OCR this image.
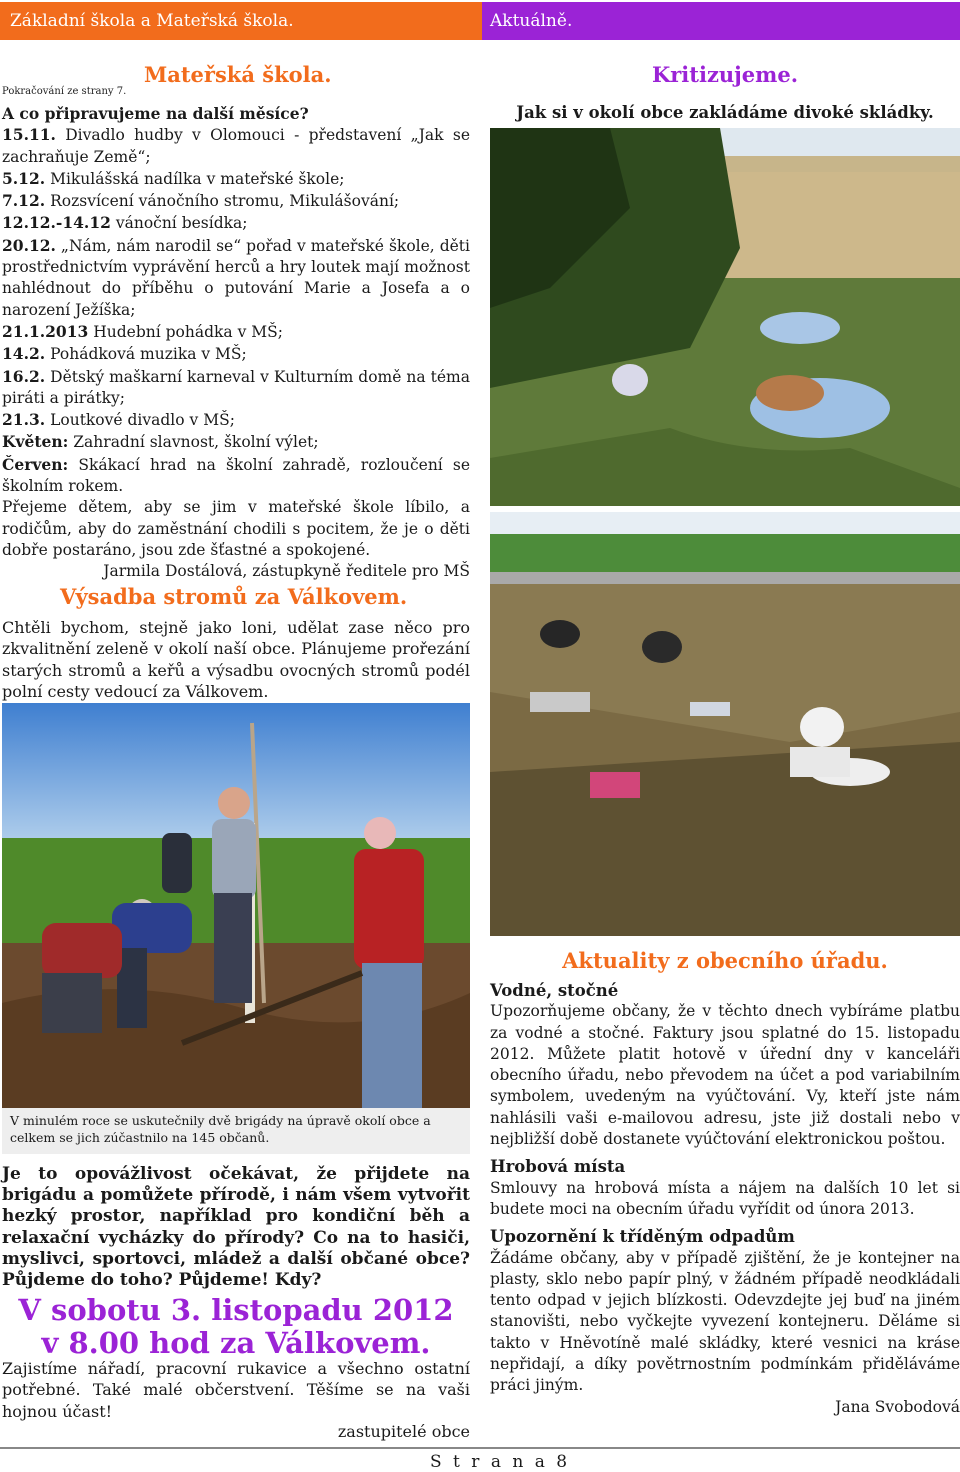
Základní škola a Mateřská škola.	Aktuálně.
Pokračování ze strany 7.
Mateřská škola.
A co připravujeme na další měsíce?
15.11. Divadlo hudby v Olomouci - představení „Jak se zachraňuje Země“;
5.12. Mikulášská nadílka v mateřské škole;
7.12. Rozsvícení vánočního stromu, Mikulášování;
12.12.-14.12 vánoční besídka;
20.12. „Nám, nám narodil se“ pořad v mateřské škole, děti prostřednictvím vyprávění herců a hry loutek mají možnost nahlédnout do příběhu o putování Marie a Josefa a o narození Ježíška;
21.1.2013 Hudební pohádka v MŠ;
14.2. Pohádková muzika v MŠ;
16.2. Dětský maškarní karneval v Kulturním domě na téma piráti a pirátky;
21.3. Loutkové divadlo v MŠ;
Květen: Zahradní slavnost, školní výlet;
Červen: Skákací hrad na školní zahradě, rozloučení se školním rokem.
Přejeme dětem, aby se jim v mateřské škole líbilo, a rodičům, aby do zaměstnání chodili s pocitem, že je o děti dobře postaráno, jsou zde šťastné a spokojené.
Jarmila Dostálová, zástupkyně ředitele pro MŠ
Výsadba stromů za Válkovem.
Chtěli bychom, stejně jako loni, udělat zase něco pro zkvalitnění zeleně v okolí naší obce. Plánujeme prořezání starých stromů a keřů a výsadbu ovocných stromů podél polní cesty vedoucí za Válkovem.
V minulém roce se uskutečnily dvě brigády na úpravě okolí obce a celkem se jich zúčastnilo na 145 občanů.
Je to opovážlivost očekávat, že přijdete na brigádu a pomůžete přírodě, i nám všem vytvořit hezký prostor, například pro kondiční běh a relaxační vycházky do přírody? Co na to hasiči, myslivci, sportovci, mládež a další občané obce? Půjdeme do toho? Půjdeme! Kdy?
V sobotu 3. listopadu 2012
v 8.00 hod za Válkovem.
Zajistíme nářadí, pracovní rukavice a všechno ostatní potřebné. Také malé občerstvení. Těšíme se na vaši hojnou účast!
zastupitelé obce
Kritizujeme.
Jak si v okolí obce zakládáme divoké skládky.
Aktuality z obecního úřadu.
Vodné, stočné
Upozorňujeme občany, že v těchto dnech vybíráme platbu za vodné a stočné. Faktury jsou splatné do 15. listopadu 2012. Můžete platit hotově v úřední dny v kanceláři obecního úřadu, nebo převodem na účet a pod variabilním symbolem, uvedeným na vyúčtování. Vy, kteří jste nám nahlásili vaši e-mailovou adresu, jste již dostali nebo v nejbližší době dostanete vyúčtování elektronickou poštou.
Hrobová místa
Smlouvy na hrobová místa a nájem na dalších 10 let si budete moci na obecním úřadu vyřídit od února 2013.
Upozornění k tříděným odpadům
Žádáme občany, aby v případě zjištění, že je kontejner na plasty, sklo nebo papír plný, v žádném případě neodkládali tento odpad v jejich blízkosti. Odevzdejte jej buď na jiném stanovišti, nebo vyčkejte vyvezení kontejneru. Děláme si takto v Hněvotíně malé skládky, které vesnici na kráse nepřidají, a díky povětrnostním podmínkám přiděláváme práci jiným.
Jana Svobodová
S t r a n a 8
